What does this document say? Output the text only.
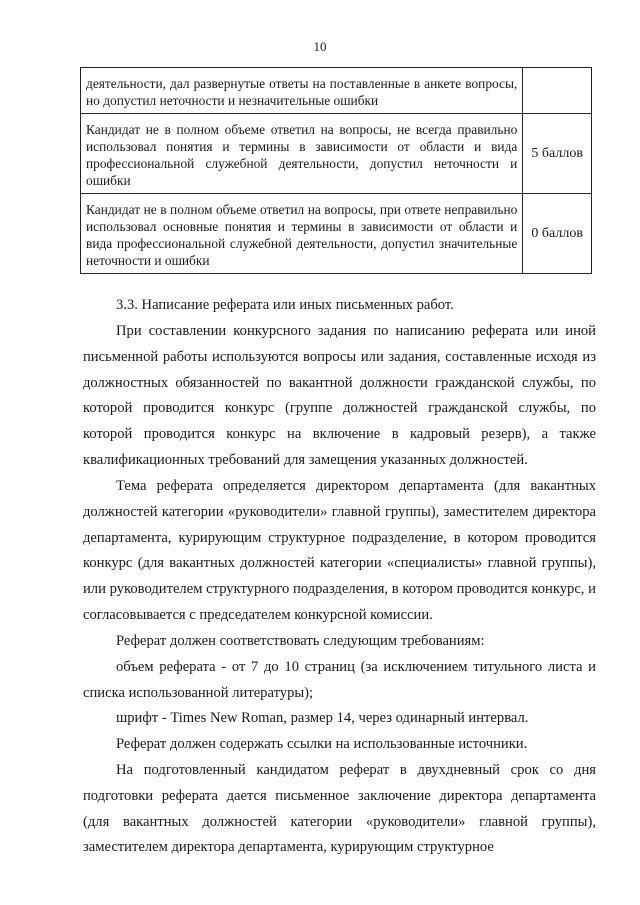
10
деятельности, дал развернутые ответы на поставленные в анкете вопросы, но допустил неточности и незначительные ошибки	
Кандидат не в полном объеме ответил на вопросы, не всегда правильно использовал понятия и термины в зависимости от области и вида профессиональной служебной деятельности, допустил неточности и ошибки	5 баллов
Кандидат не в полном объеме ответил на вопросы, при ответе неправильно использовал основные понятия и термины в зависимости от области и вида профессиональной служебной деятельности, допустил значительные неточности и ошибки	0 баллов

3.3. Написание реферата или иных письменных работ.

При составлении конкурсного задания по написанию реферата или иной письменной работы используются вопросы или задания, составленные исходя из должностных обязанностей по вакантной должности гражданской службы, по которой проводится конкурс (группе должностей гражданской службы, по которой проводится конкурс на включение в кадровый резерв), а также квалификационных требований для замещения указанных должностей.

Тема реферата определяется директором департамента (для вакантных должностей категории «руководители» главной группы), заместителем директора департамента, курирующим структурное подразделение, в котором проводится конкурс (для вакантных должностей категории «специалисты» главной группы), или руководителем структурного подразделения, в котором проводится конкурс, и согласовывается с председателем конкурсной комиссии.

Реферат должен соответствовать следующим требованиям:

объем реферата - от 7 до 10 страниц (за исключением титульного листа и списка использованной литературы);

шрифт - Times New Roman, размер 14, через одинарный интервал.

Реферат должен содержать ссылки на использованные источники.

На подготовленный кандидатом реферат в двухдневный срок со дня подготовки реферата дается письменное заключение директора департамента (для вакантных должностей категории «руководители» главной группы), заместителем директора департамента, курирующим структурное
